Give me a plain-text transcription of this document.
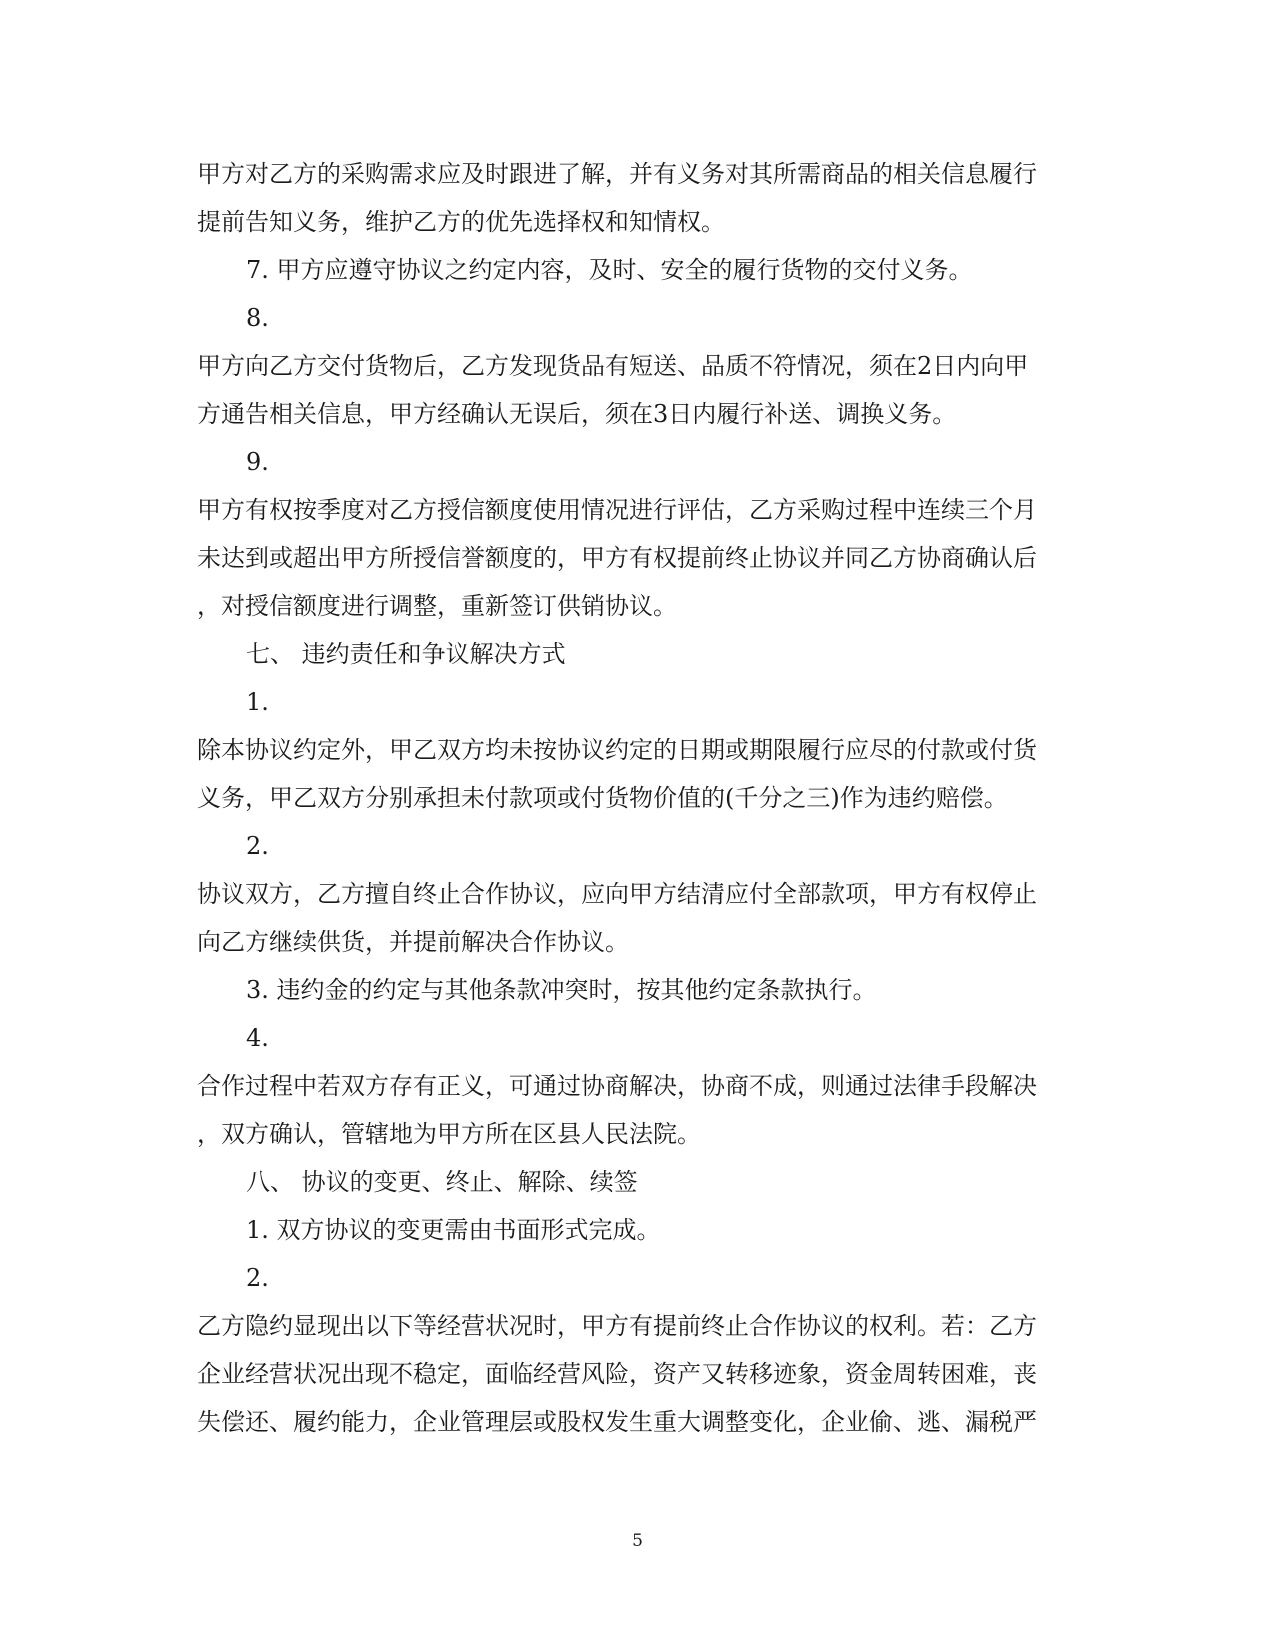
甲方对乙方的采购需求应及时跟进了解，并有义务对其所需商品的相关信息履行
提前告知义务，维护乙方的优先选择权和知情权。
7. 甲方应遵守协议之约定内容，及时、安全的履行货物的交付义务。
8.
甲方向乙方交付货物后，乙方发现货品有短送、品质不符情况，须在2日内向甲
方通告相关信息，甲方经确认无误后，须在3日内履行补送、调换义务。
9.
甲方有权按季度对乙方授信额度使用情况进行评估，乙方采购过程中连续三个月
未达到或超出甲方所授信誉额度的，甲方有权提前终止协议并同乙方协商确认后
，对授信额度进行调整，重新签订供销协议。
七、 违约责任和争议解决方式
1.
除本协议约定外，甲乙双方均未按协议约定的日期或期限履行应尽的付款或付货
义务，甲乙双方分别承担未付款项或付货物价值的(千分之三)作为违约赔偿。
2.
协议双方，乙方擅自终止合作协议，应向甲方结清应付全部款项，甲方有权停止
向乙方继续供货，并提前解决合作协议。
3. 违约金的约定与其他条款冲突时，按其他约定条款执行。
4.
合作过程中若双方存有正义，可通过协商解决，协商不成，则通过法律手段解决
，双方确认，管辖地为甲方所在区县人民法院。
八、 协议的变更、终止、解除、续签
1. 双方协议的变更需由书面形式完成。
2.
乙方隐约显现出以下等经营状况时，甲方有提前终止合作协议的权利。若：乙方
企业经营状况出现不稳定，面临经营风险，资产又转移迹象，资金周转困难，丧
失偿还、履约能力，企业管理层或股权发生重大调整变化，企业偷、逃、漏税严
5
